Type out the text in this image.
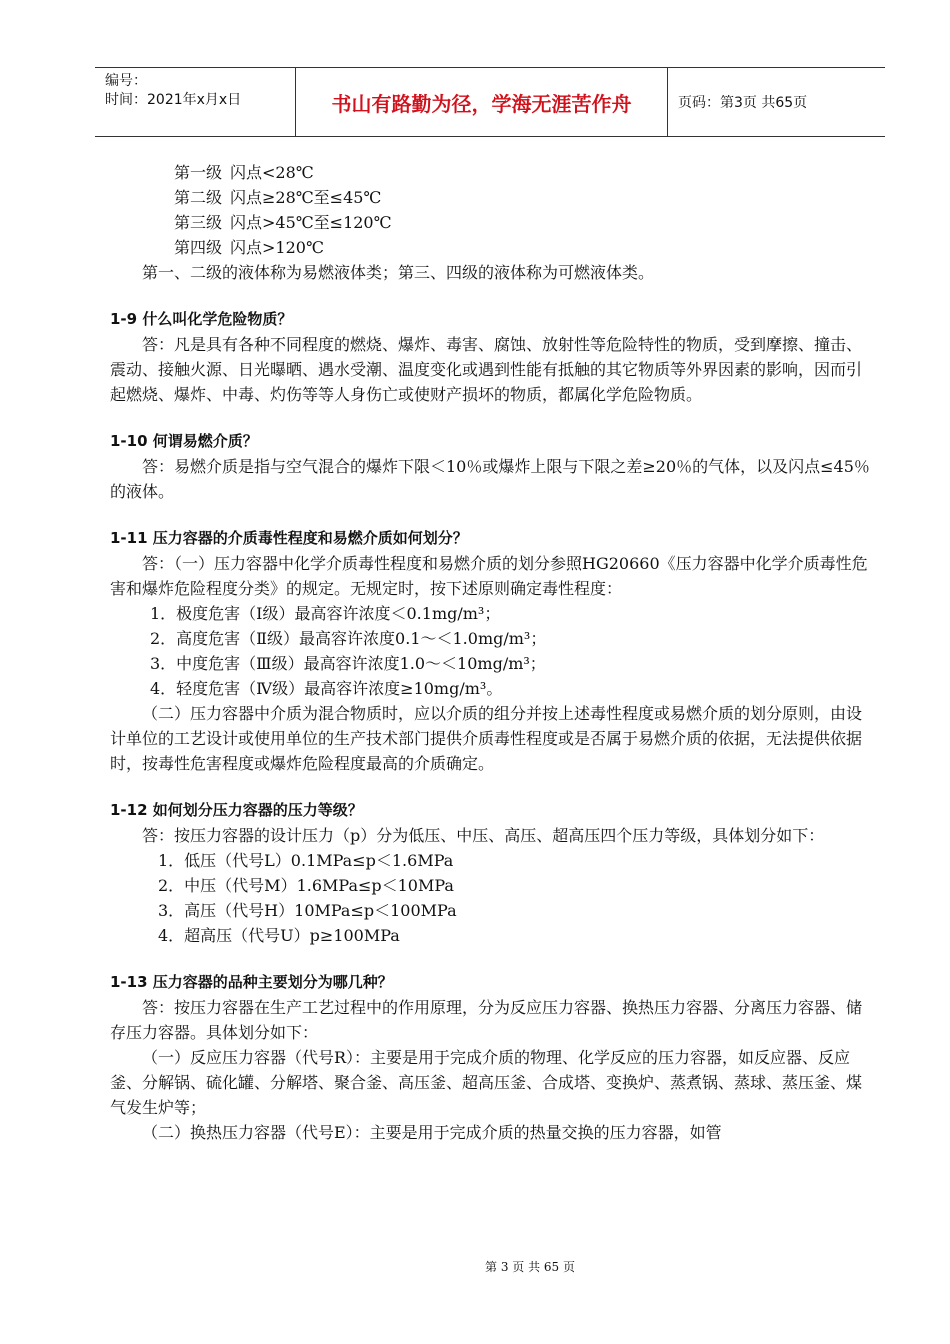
编号：
时间：2021年x月x日	书山有路勤为径，学海无涯苦作舟	页码：第3页 共65页

第一级 闪点<28℃

第二级 闪点≥28℃至≤45℃

第三级 闪点>45℃至≤120℃

第四级 闪点>120℃

第一、二级的液体称为易燃液体类；第三、四级的液体称为可燃液体类。

1-9 什么叫化学危险物质？

答：凡是具有各种不同程度的燃烧、爆炸、毒害、腐蚀、放射性等危险特性的物质，受到摩擦、撞击、震动、接触火源、日光曝晒、遇水受潮、温度变化或遇到性能有抵触的其它物质等外界因素的影响，因而引起燃烧、爆炸、中毒、灼伤等等人身伤亡或使财产损坏的物质，都属化学危险物质。

1-10 何谓易燃介质？

答：易燃介质是指与空气混合的爆炸下限＜10％或爆炸上限与下限之差≥20％的气体，以及闪点≤45％的液体。

1-11 压力容器的介质毒性程度和易燃介质如何划分？

答：（一）压力容器中化学介质毒性程度和易燃介质的划分参照HG20660《压力容器中化学介质毒性危害和爆炸危险程度分类》的规定。无规定时，按下述原则确定毒性程度：

1．极度危害（Ⅰ级）最高容许浓度＜0.1mg/m³；

2．高度危害（Ⅱ级）最高容许浓度0.1～＜1.0mg/m³；

3．中度危害（Ⅲ级）最高容许浓度1.0～＜10mg/m³；

4．轻度危害（Ⅳ级）最高容许浓度≥10mg/m³。

（二）压力容器中介质为混合物质时，应以介质的组分并按上述毒性程度或易燃介质的划分原则，由设计单位的工艺设计或使用单位的生产技术部门提供介质毒性程度或是否属于易燃介质的依据，无法提供依据时，按毒性危害程度或爆炸危险程度最高的介质确定。

1-12 如何划分压力容器的压力等级？

答：按压力容器的设计压力（p）分为低压、中压、高压、超高压四个压力等级，具体划分如下：

1．低压（代号L）0.1MPa≤p＜1.6MPa

2．中压（代号M）1.6MPa≤p＜10MPa

3．高压（代号H）10MPa≤p＜100MPa

4．超高压（代号U）p≥100MPa

1-13 压力容器的品种主要划分为哪几种？

答：按压力容器在生产工艺过程中的作用原理，分为反应压力容器、换热压力容器、分离压力容器、储存压力容器。具体划分如下：

（一）反应压力容器（代号R）：主要是用于完成介质的物理、化学反应的压力容器，如反应器、反应釜、分解锅、硫化罐、分解塔、聚合釜、高压釜、超高压釜、合成塔、变换炉、蒸煮锅、蒸球、蒸压釜、煤气发生炉等；

（二）换热压力容器（代号E）：主要是用于完成介质的热量交换的压力容器，如管

第 3 页 共 65 页
